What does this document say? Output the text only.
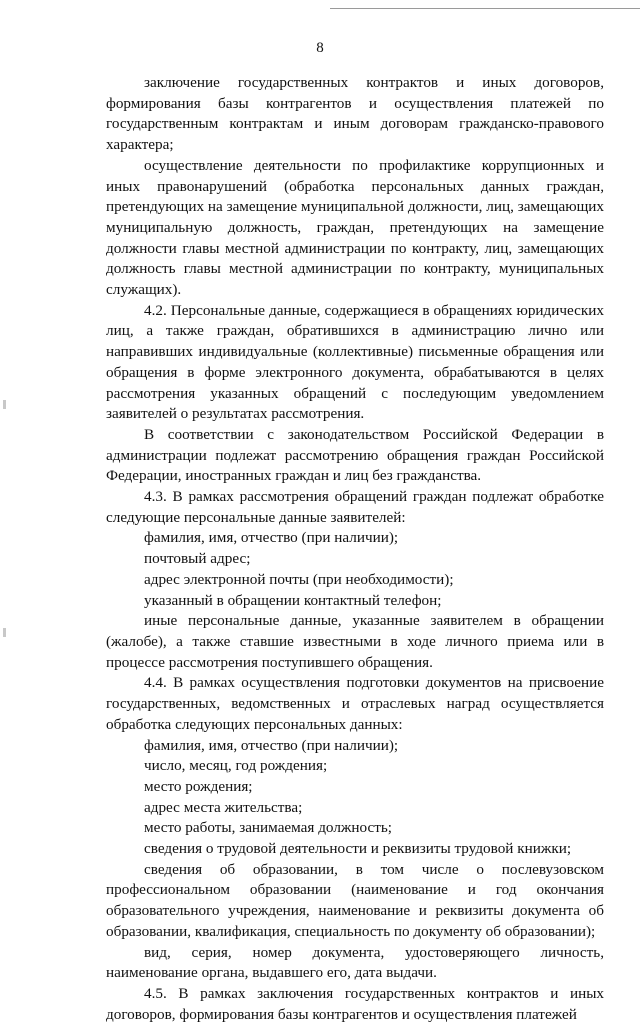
8

заключение государственных контрактов и иных договоров, формирования базы контрагентов и осуществления платежей по государственным контрактам и иным договорам гражданско-правового характера;

осуществление деятельности по профилактике коррупционных и иных правонарушений (обработка персональных данных граждан, претендующих на замещение муниципальной должности, лиц, замещающих муниципальную должность, граждан, претендующих на замещение должности главы местной администрации по контракту, лиц, замещающих должность главы местной администрации по контракту, муниципальных служащих).

4.2. Персональные данные, содержащиеся в обращениях юридических лиц, а также граждан, обратившихся в администрацию лично или направивших индивидуальные (коллективные) письменные обращения или обращения в форме электронного документа, обрабатываются в целях рассмотрения указанных обращений с последующим уведомлением заявителей о результатах рассмотрения.

В соответствии с законодательством Российской Федерации в администрации подлежат рассмотрению обращения граждан Российской Федерации, иностранных граждан и лиц без гражданства.

4.3. В рамках рассмотрения обращений граждан подлежат обработке следующие персональные данные заявителей:

фамилия, имя, отчество (при наличии);

почтовый адрес;

адрес электронной почты (при необходимости);

указанный в обращении контактный телефон;

иные персональные данные, указанные заявителем в обращении (жалобе), а также ставшие известными в ходе личного приема или в процессе рассмотрения поступившего обращения.

4.4. В рамках осуществления подготовки документов на присвоение государственных, ведомственных и отраслевых наград осуществляется обработка следующих персональных данных:

фамилия, имя, отчество (при наличии);

число, месяц, год рождения;

место рождения;

адрес места жительства;

место работы, занимаемая должность;

сведения о трудовой деятельности и реквизиты трудовой книжки;

сведения об образовании, в том числе о послевузовском профессиональном образовании (наименование и год окончания образовательного учреждения, наименование и реквизиты документа об образовании, квалификация, специальность по документу об образовании);

вид, серия, номер документа, удостоверяющего личность, наименование органа, выдавшего его, дата выдачи.

4.5. В рамках заключения государственных контрактов и иных договоров, формирования базы контрагентов и осуществления платежей
